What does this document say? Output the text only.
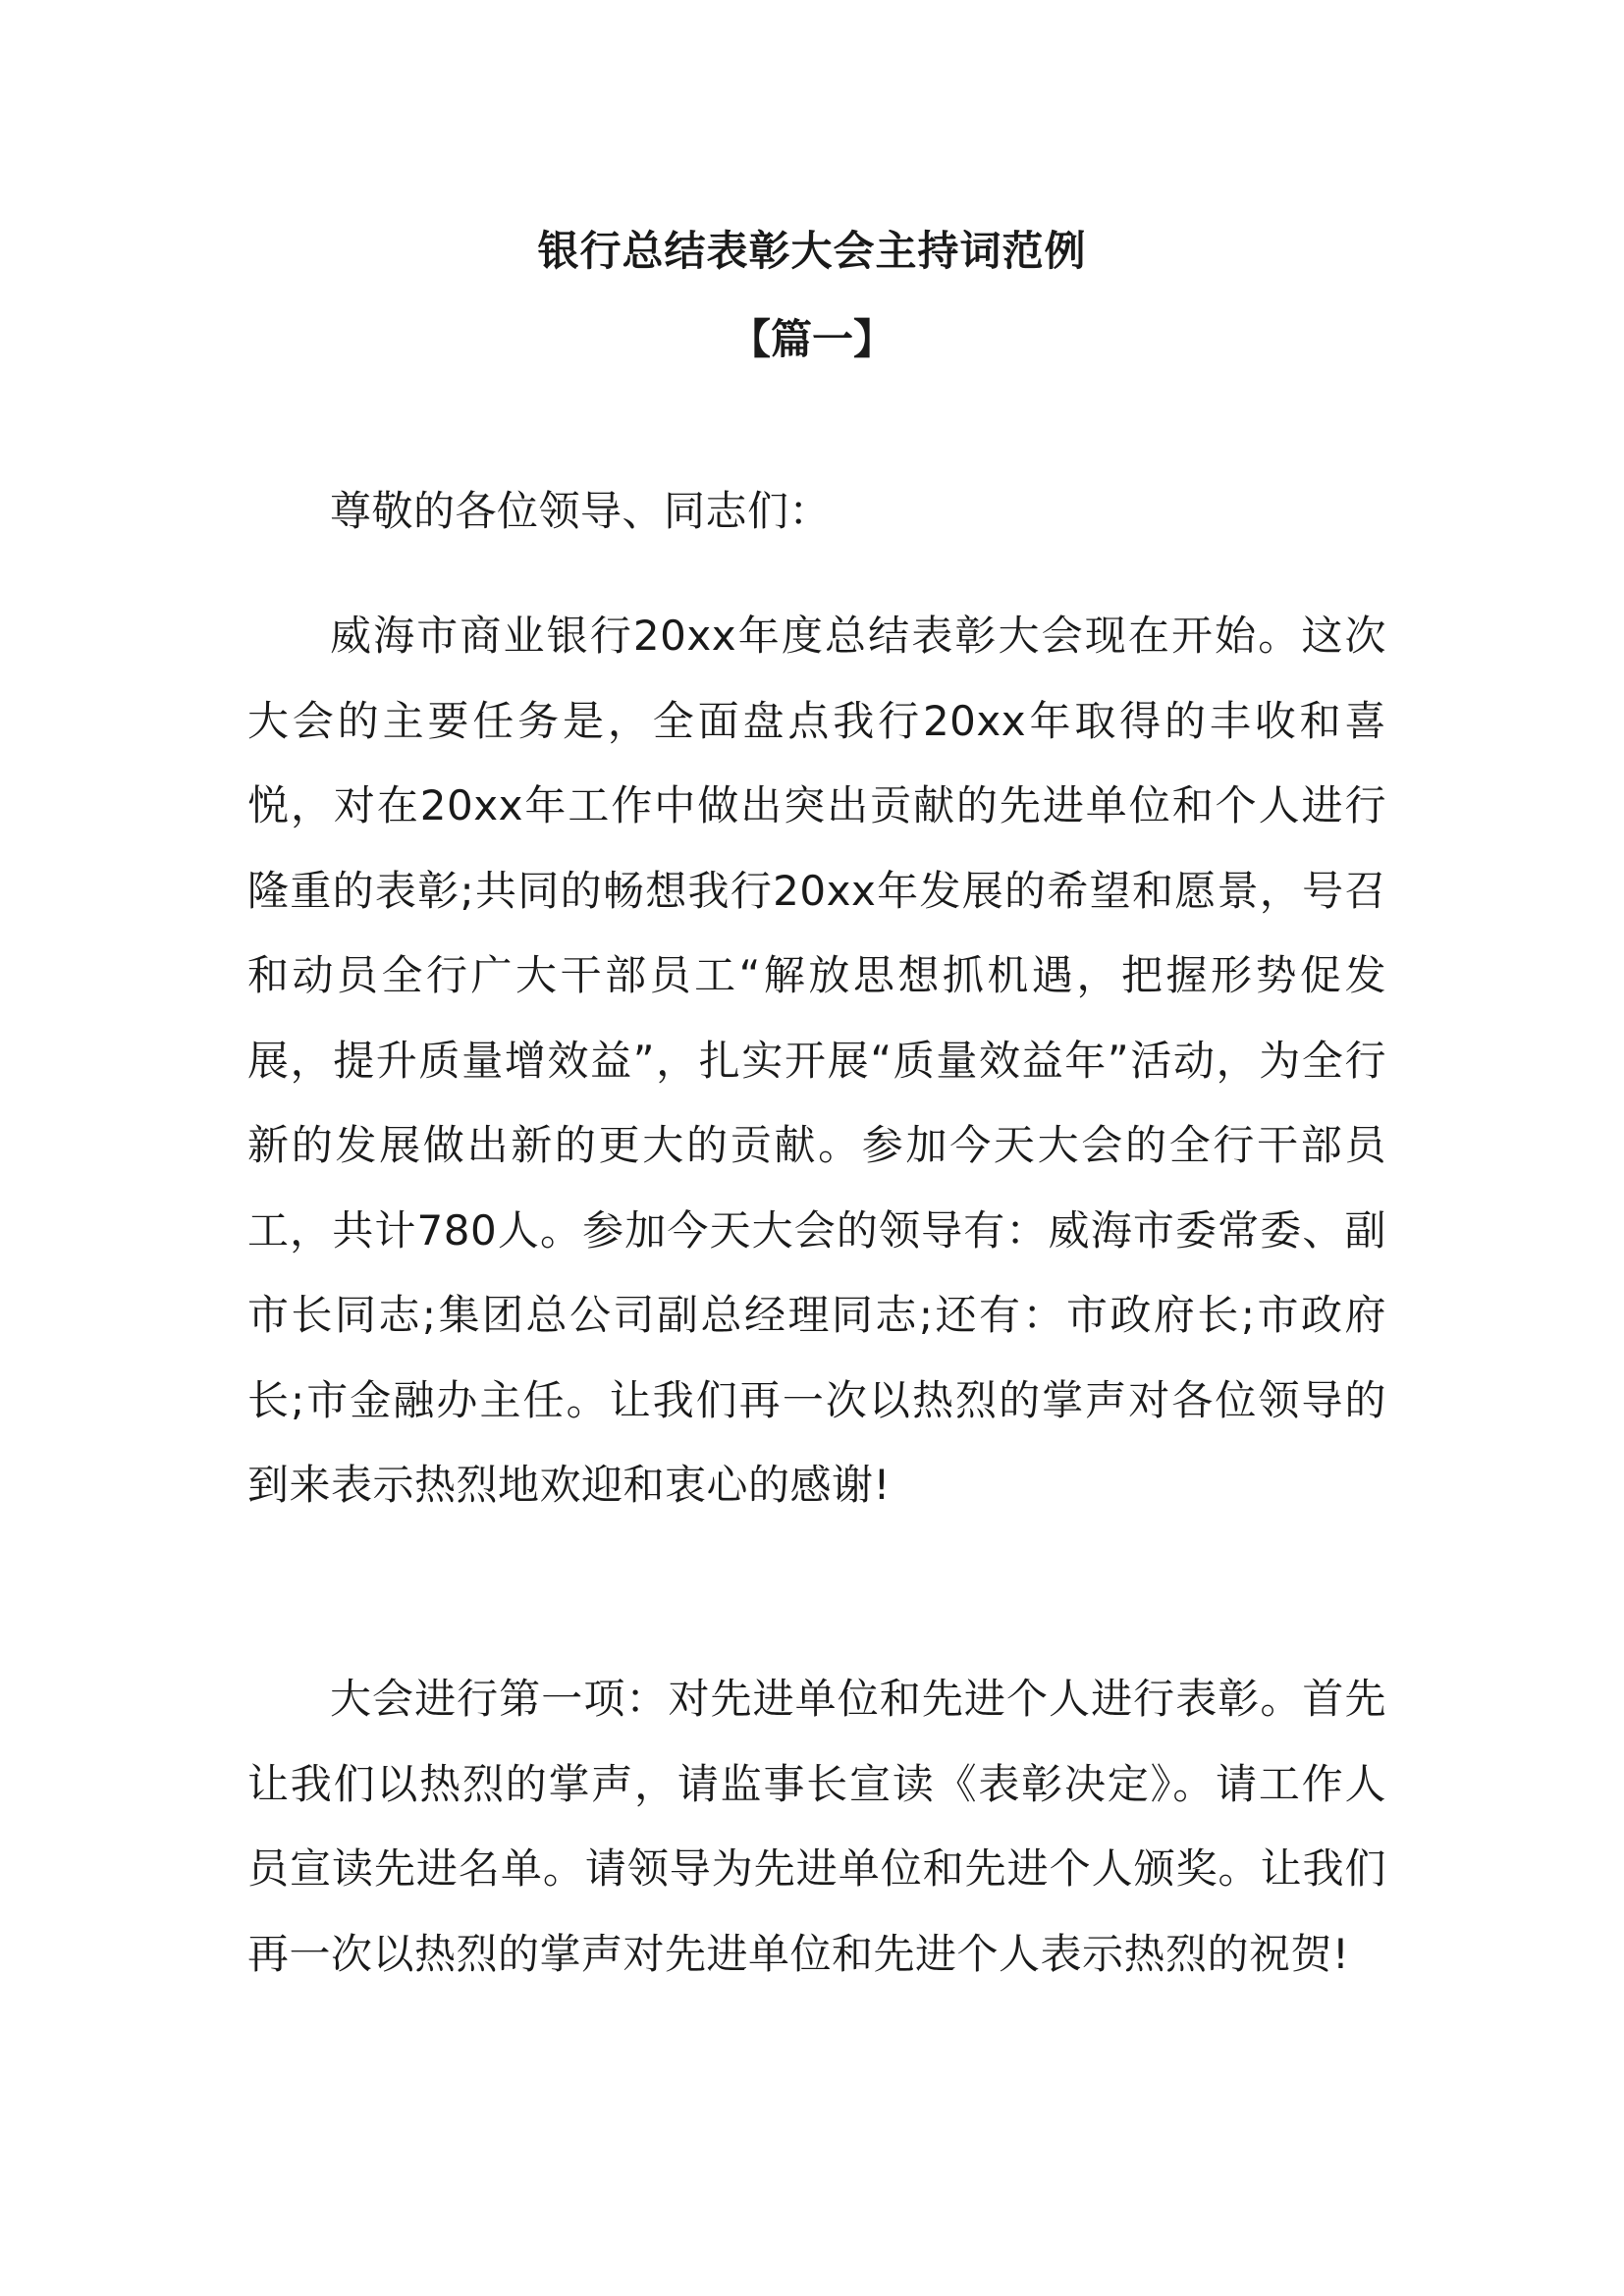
银行总结表彰大会主持词范例
【篇一】

尊敬的各位领导、同志们：

威海市商业银行20xx年度总结表彰大会现在开始。这次大会的主要任务是，全面盘点我行20xx年取得的丰收和喜悦，对在20xx年工作中做出突出贡献的先进单位和个人进行隆重的表彰;共同的畅想我行20xx年发展的希望和愿景，号召和动员全行广大干部员工“解放思想抓机遇，把握形势促发展，提升质量增效益”，扎实开展“质量效益年”活动，为全行新的发展做出新的更大的贡献。参加今天大会的全行干部员工，共计780人。参加今天大会的领导有：威海市委常委、副市长同志;集团总公司副总经理同志;还有：市政府长;市政府长;市金融办主任。让我们再一次以热烈的掌声对各位领导的到来表示热烈地欢迎和衷心的感谢!

大会进行第一项：对先进单位和先进个人进行表彰。首先让我们以热烈的掌声，请监事长宣读《表彰决定》。请工作人员宣读先进名单。请领导为先进单位和先进个人颁奖。让我们再一次以热烈的掌声对先进单位和先进个人表示热烈的祝贺!
